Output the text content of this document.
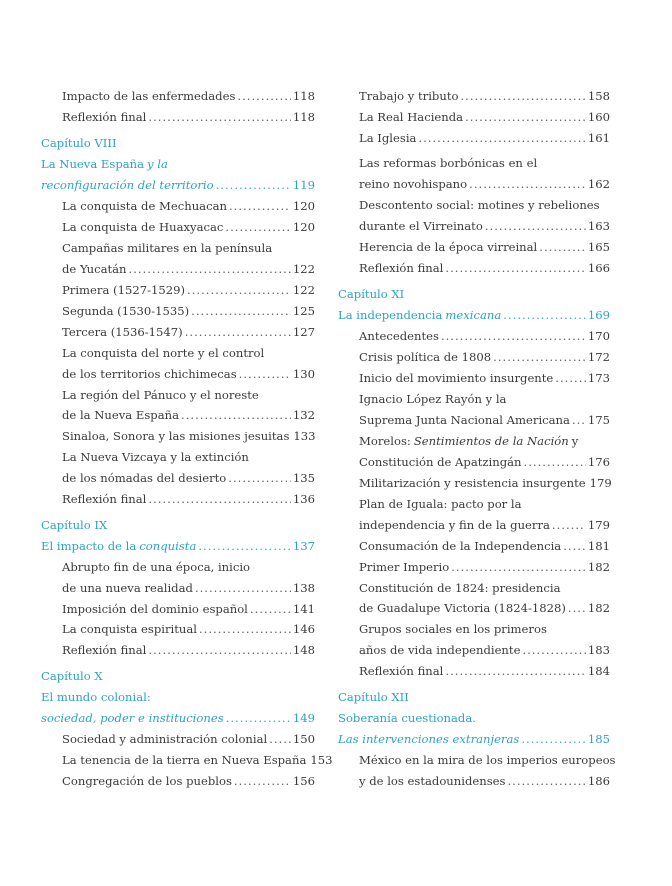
Impacto de las enfermedades .....	118
Reflexión final .....	118
Capítulo VIII
La Nueva España y la
reconfiguración del territorio .....	119
La conquista de Mechuacan .....	120
La conquista de Huaxyacac .....	120
Campañas militares en la península
de Yucatán .....	122
Primera (1527-1529) .....	122
Segunda (1530-1535) .....	125
Tercera (1536-1547) .....	127
La conquista del norte y el control
de los territorios chichimecas .....	130
La región del Pánuco y el noreste
de la Nueva España .....	132
Sinaloa, Sonora y las misiones jesuitas 133
La Nueva Vizcaya y la extinción
de los nómadas del desierto .....	135
Reflexión final .....	136
Capítulo IX
El impacto de la conquista .....	137
Abrupto fin de una época, inicio
de una nueva realidad .....	138
Imposición del dominio español .....	141
La conquista espiritual .....	146
Reflexión final .....	148
Capítulo X
El mundo colonial:
sociedad, poder e instituciones .....	149
Sociedad y administración colonial ..... 150
La tenencia de la tierra en Nueva España 153
Congregación de los pueblos .....	156
Trabajo y tributo .....	158
La Real Hacienda .....	160
La Iglesia .....	161
Las reformas borbónicas en el
reino novohispano .....	162
Descontento social: motines y rebeliones
durante el Virreinato .....	163
Herencia de la época virreinal .....	165
Reflexión final .....	166
Capítulo XI
La independencia mexicana .....	169
Antecedentes .....	170
Crisis política de 1808 .....	172
Inicio del movimiento insurgente .....	173
Ignacio López Rayón y la
Suprema Junta Nacional Americana ..... 175
Morelos: Sentimientos de la Nación y
Constitución de Apatzingán .....	176
Militarización y resistencia insurgente 179
Plan de Iguala: pacto por la
independencia y fin de la guerra .....	179
Consumación de la Independencia ..... 181
Primer Imperio .....	182
Constitución de 1824: presidencia
de Guadalupe Victoria (1824-1828) ..... 182
Grupos sociales en los primeros
años de vida independiente .....	183
Reflexión final .....	184
Capítulo XII
Soberanía cuestionada.
Las intervenciones extranjeras .....	185
México en la mira de los imperios europeos
y de los estadounidenses .....	186
